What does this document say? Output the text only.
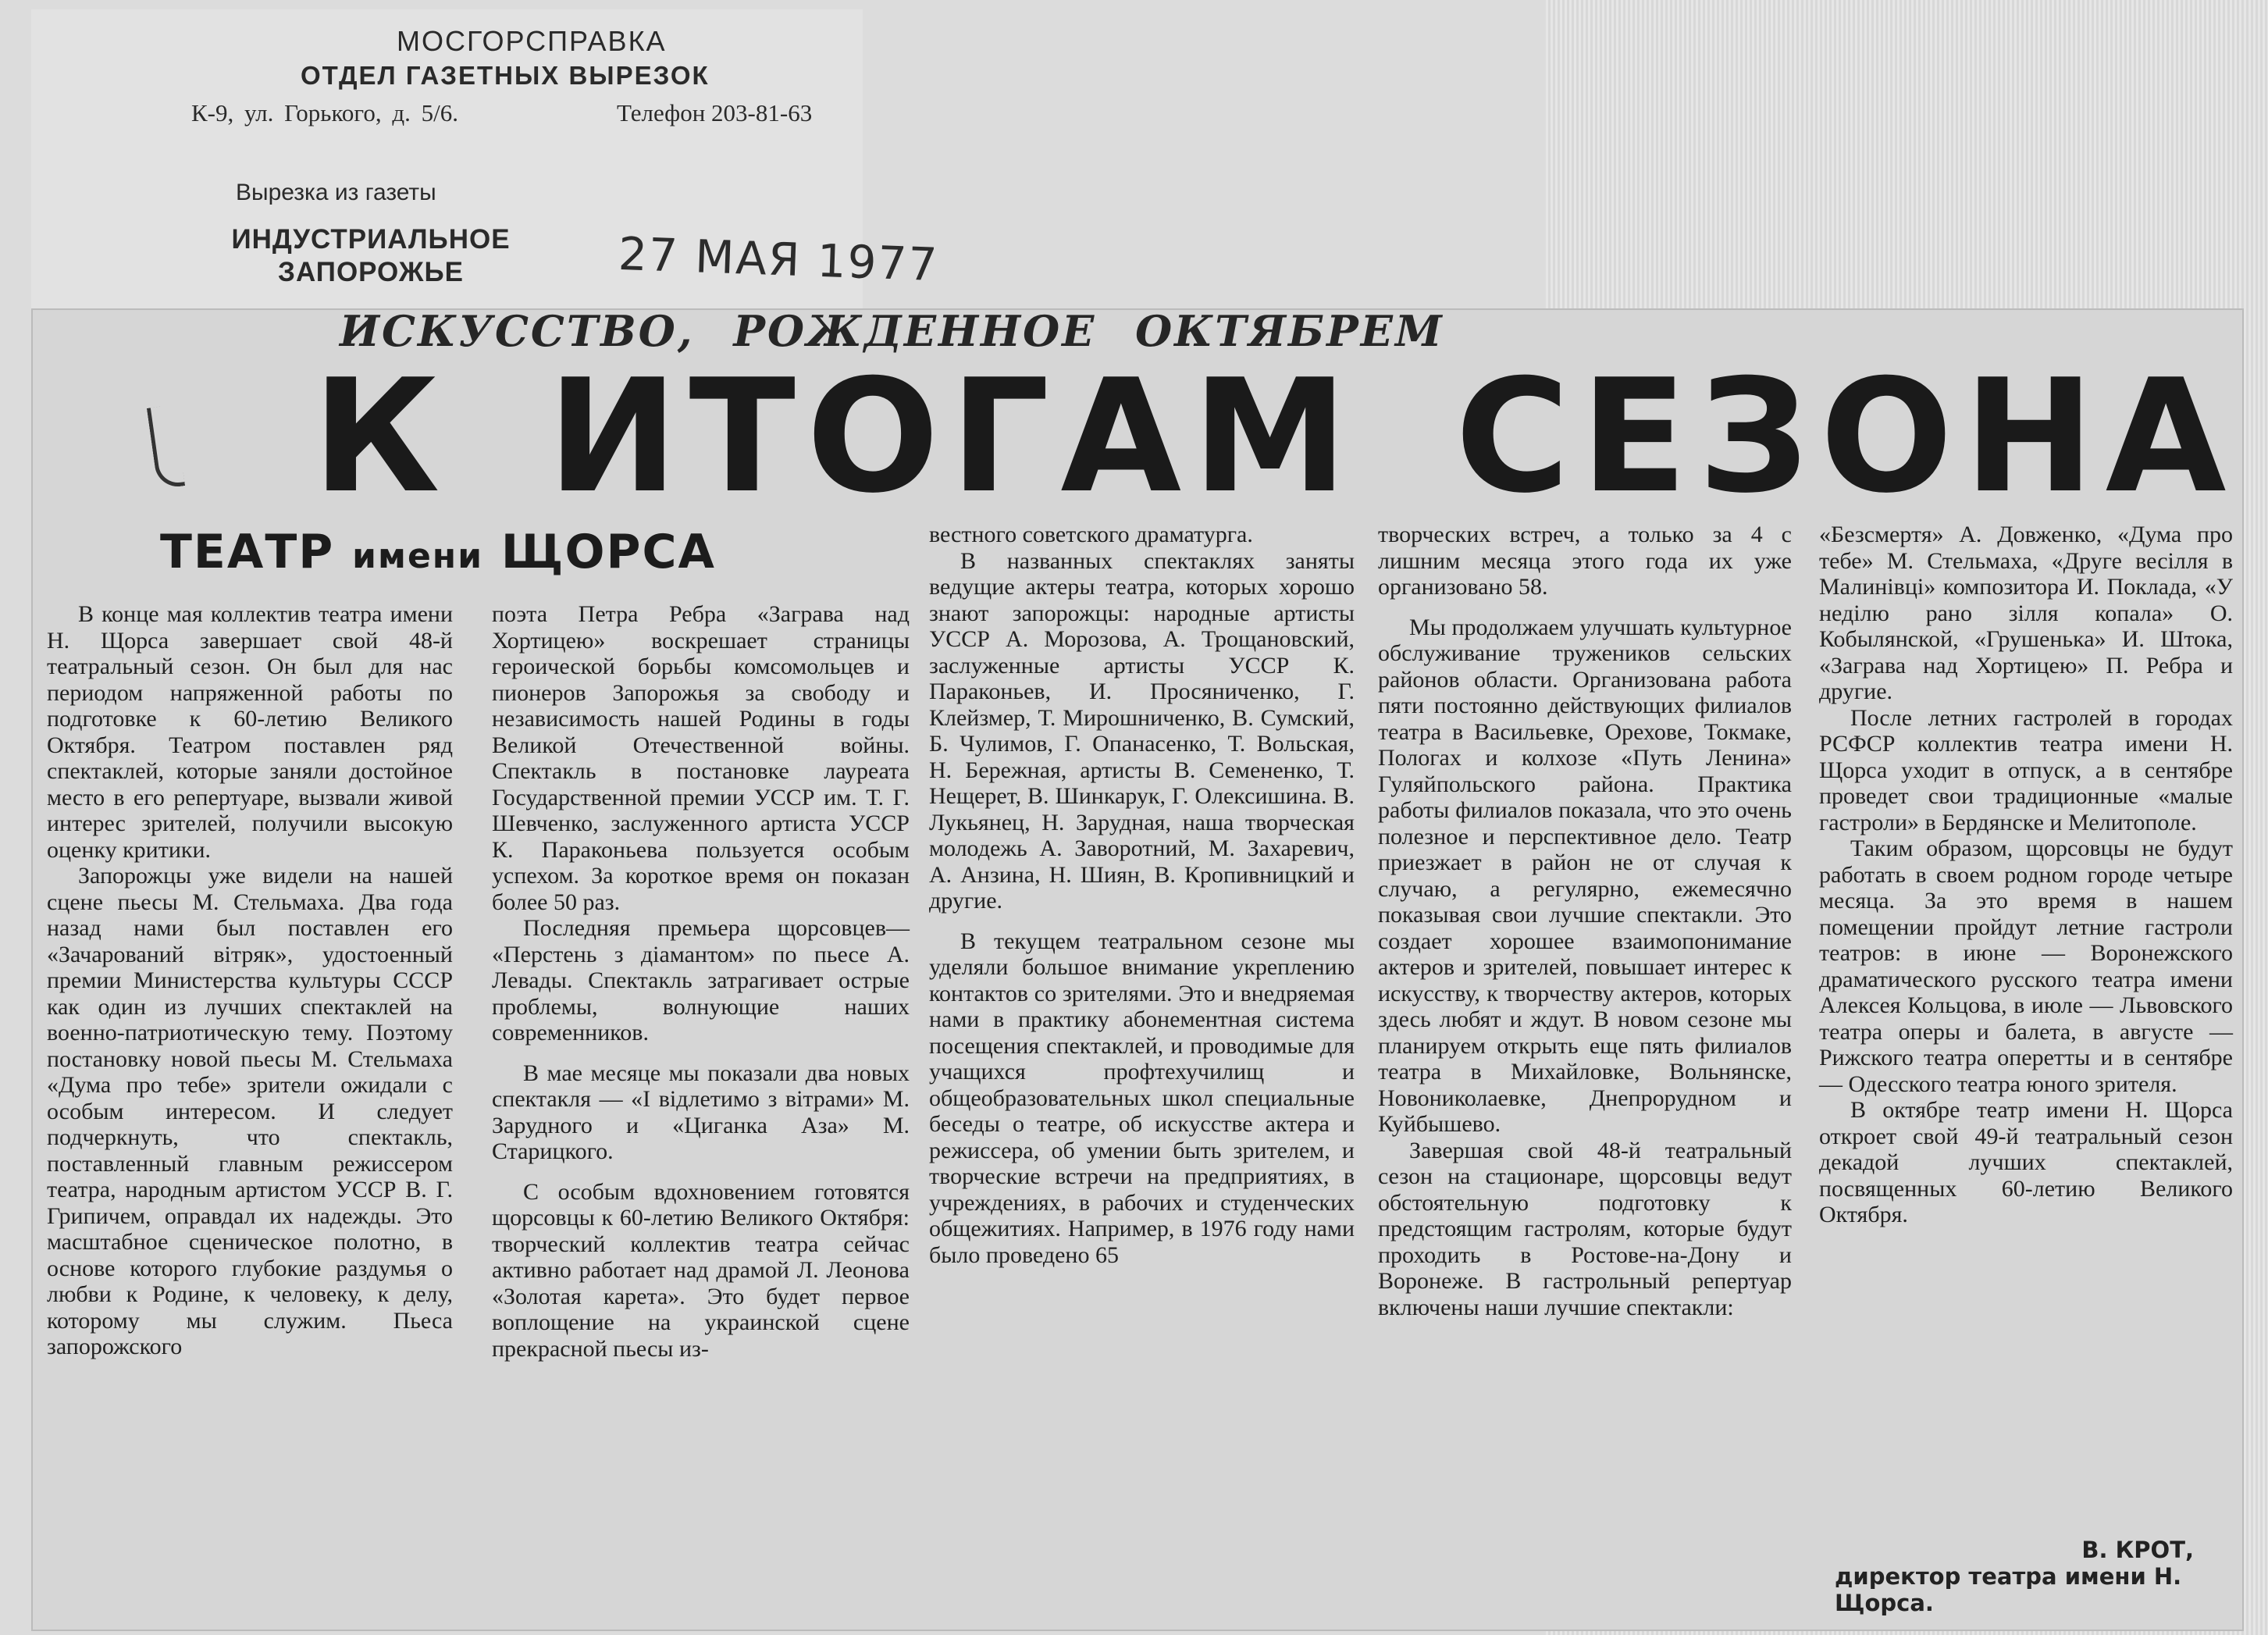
МОСГОРСПРАВКА
ОТДЕЛ ГАЗЕТНЫХ ВЫРЕЗОК
К-9, ул. Горького, д. 5/6.	Телефон 203-81-63
Вырезка из газеты
ИНДУСТРИАЛЬНОЕ ЗАПОРОЖЬЕ	27 МАЯ 1977
ИСКУССТВО, РОЖДЕННОЕ ОКТЯБРЕМ
К ИТОГАМ СЕЗОНА
ТЕАТР имени ЩОРСА

В конце мая коллектив театра имени Н. Щорса завершает свой 48-й театральный сезон. Он был для нас периодом напряженной работы по подготовке к 60-летию Великого Октября. Театром поставлен ряд спектаклей, которые заняли достойное место в его репертуаре, вызвали живой интерес зрителей, получили высокую оценку критики.

Запорожцы уже видели на нашей сцене пьесы М. Стельмаха. Два года назад нами был поставлен его «Зачарований вітряк», удостоенный премии Министерства культуры СССР как один из лучших спектаклей на военно-патриотическую тему. Поэтому постановку новой пьесы М. Стельмаха «Дума про тебе» зрители ожидали с особым интересом. И следует подчеркнуть, что спектакль, поставленный главным режиссером театра, народным артистом УССР В. Г. Грипичем, оправдал их надежды. Это масштабное сценическое полотно, в основе которого глубокие раздумья о любви к Родине, к человеку, к делу, которому мы служим. Пьеса запорожского

поэта Петра Ребра «Заграва над Хортицею» воскрешает страницы героической борьбы комсомольцев и пионеров Запорожья за свободу и независимость нашей Родины в годы Великой Отечественной войны. Спектакль в постановке лауреата Государственной премии УССР им. Т. Г. Шевченко, заслуженного артиста УССР К. Параконьева пользуется особым успехом. За короткое время он показан более 50 раз.

Последняя премьера щорсовцев— «Перстень з діамантом» по пьесе А. Левады. Спектакль затрагивает острые проблемы, волнующие наших современников.

В мае месяце мы показали два новых спектакля — «І відлетимо з вітрами» М. Зарудного и «Циганка Аза» М. Старицкого.

С особым вдохновением готовятся щорсовцы к 60-летию Великого Октября: творческий коллектив театра сейчас активно работает над драмой Л. Леонова «Золотая карета». Это будет первое воплощение на украинской сцене прекрасной пьесы из-

вестного советского драматурга.

В названных спектаклях заняты ведущие актеры театра, которых хорошо знают запорожцы: народные артисты УССР А. Морозова, А. Трощановский, заслуженные артисты УССР К. Параконьев, И. Просяниченко, Г. Клейзмер, Т. Мирошниченко, В. Сумский, Б. Чулимов, Г. Опанасенко, Т. Вольская, Н. Бережная, артисты В. Семененко, Т. Нещерет, В. Шинкарук, Г. Олексишина. В. Лукьянец, Н. Зарудная, наша творческая молодежь А. Заворотний, М. Захаревич, А. Анзина, Н. Шиян, В. Кропивницкий и другие.

В текущем театральном сезоне мы уделяли большое внимание укреплению контактов со зрителями. Это и внедряемая нами в практику абонементная система посещения спектаклей, и проводимые для учащихся профтехучилищ и общеобразовательных школ специальные беседы о театре, об искусстве актера и режиссера, об умении быть зрителем, и творческие встречи на предприятиях, в учреждениях, в рабочих и студенческих общежитиях. Например, в 1976 году нами было проведено 65

творческих встреч, а только за 4 с лишним месяца этого года их уже организовано 58.

Мы продолжаем улучшать культурное обслуживание тружеников сельских районов области. Организована работа пяти постоянно действующих филиалов театра в Васильевке, Орехове, Токмаке, Пологах и колхозе «Путь Ленина» Гуляйпольского района. Практика работы филиалов показала, что это очень полезное и перспективное дело. Театр приезжает в район не от случая к случаю, а регулярно, ежемесячно показывая свои лучшие спектакли. Это создает хорошее взаимопонимание актеров и зрителей, повышает интерес к искусству, к творчеству актеров, которых здесь любят и ждут. В новом сезоне мы планируем открыть еще пять филиалов театра в Михайловке, Вольнянске, Новониколаевке, Днепрорудном и Куйбышево.

Завершая свой 48-й театральный сезон на стационаре, щорсовцы ведут обстоятельную подготовку к предстоящим гастролям, которые будут проходить в Ростове-на-Дону и Воронеже. В гастрольный репертуар включены наши лучшие спектакли:

«Безсмертя» А. Довженко, «Дума про тебе» М. Стельмаха, «Друге весілля в Малинівці» композитора И. Поклада, «У неділю рано зілля копала» О. Кобылянской, «Грушенька» И. Штока, «Заграва над Хортицею» П. Ребра и другие.

После летних гастролей в городах РСФСР коллектив театра имени Н. Щорса уходит в отпуск, а в сентябре проведет свои традиционные «малые гастроли» в Бердянске и Мелитополе.

Таким образом, щорсовцы не будут работать в своем родном городе четыре месяца. За это время в нашем помещении пройдут летние гастроли театров: в июне — Воронежского драматического русского театра имени Алексея Кольцова, в июле — Львовского театра оперы и балета, в августе — Рижского театра оперетты и в сентябре — Одесского театра юного зрителя.

В октябре театр имени Н. Щорса откроет свой 49-й театральный сезон декадой лучших спектаклей, посвященных 60-летию Великого Октября.

В. КРОТ,
директор театра имени Н. Щорса.
